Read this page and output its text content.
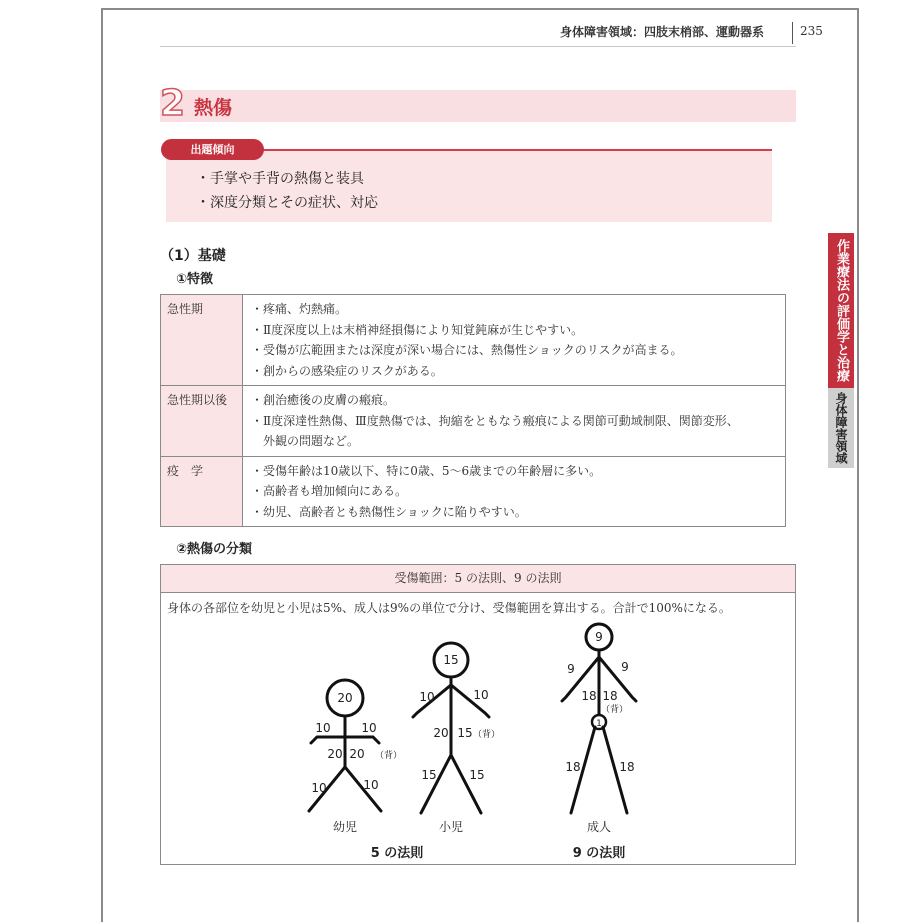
身体障害領域：四肢末梢部、運動器系	235
2 熱傷
出題傾向
・手掌や手背の熱傷と装具
・深度分類とその症状、対応
（1）基礎
①特徴
急性期	・疼痛、灼熱痛。
・Ⅱ度深度以上は末梢神経損傷により知覚鈍麻が生じやすい。
・受傷が広範囲または深度が深い場合には、熱傷性ショックのリスクが高まる。
・創からの感染症のリスクがある。

急性期以後	・創治癒後の皮膚の瘢痕。
・Ⅱ度深達性熱傷、Ⅲ度熱傷では、拘縮をともなう瘢痕による関節可動域制限、関節変形、
　外観の問題など。

疫　学	・受傷年齢は10歳以下、特に0歳、5～6歳までの年齢層に多い。
・高齢者も増加傾向にある。
・幼児、高齢者とも熱傷性ショックに陥りやすい。
②熱傷の分類
受傷範囲：5 の法則、9 の法則
身体の各部位を幼児と小児は5%、成人は9%の単位で分け、受傷範囲を算出する。合計で100%になる。
20
10	10
20 20 （背）
10	10
幼児
15
10	10
20 15 （背）
15	15
小児
9
9	9
18 18
（背）
1
18	18
成人
5 の法則	9 の法則
作業療法の評価学と治療学
身体障害領域
